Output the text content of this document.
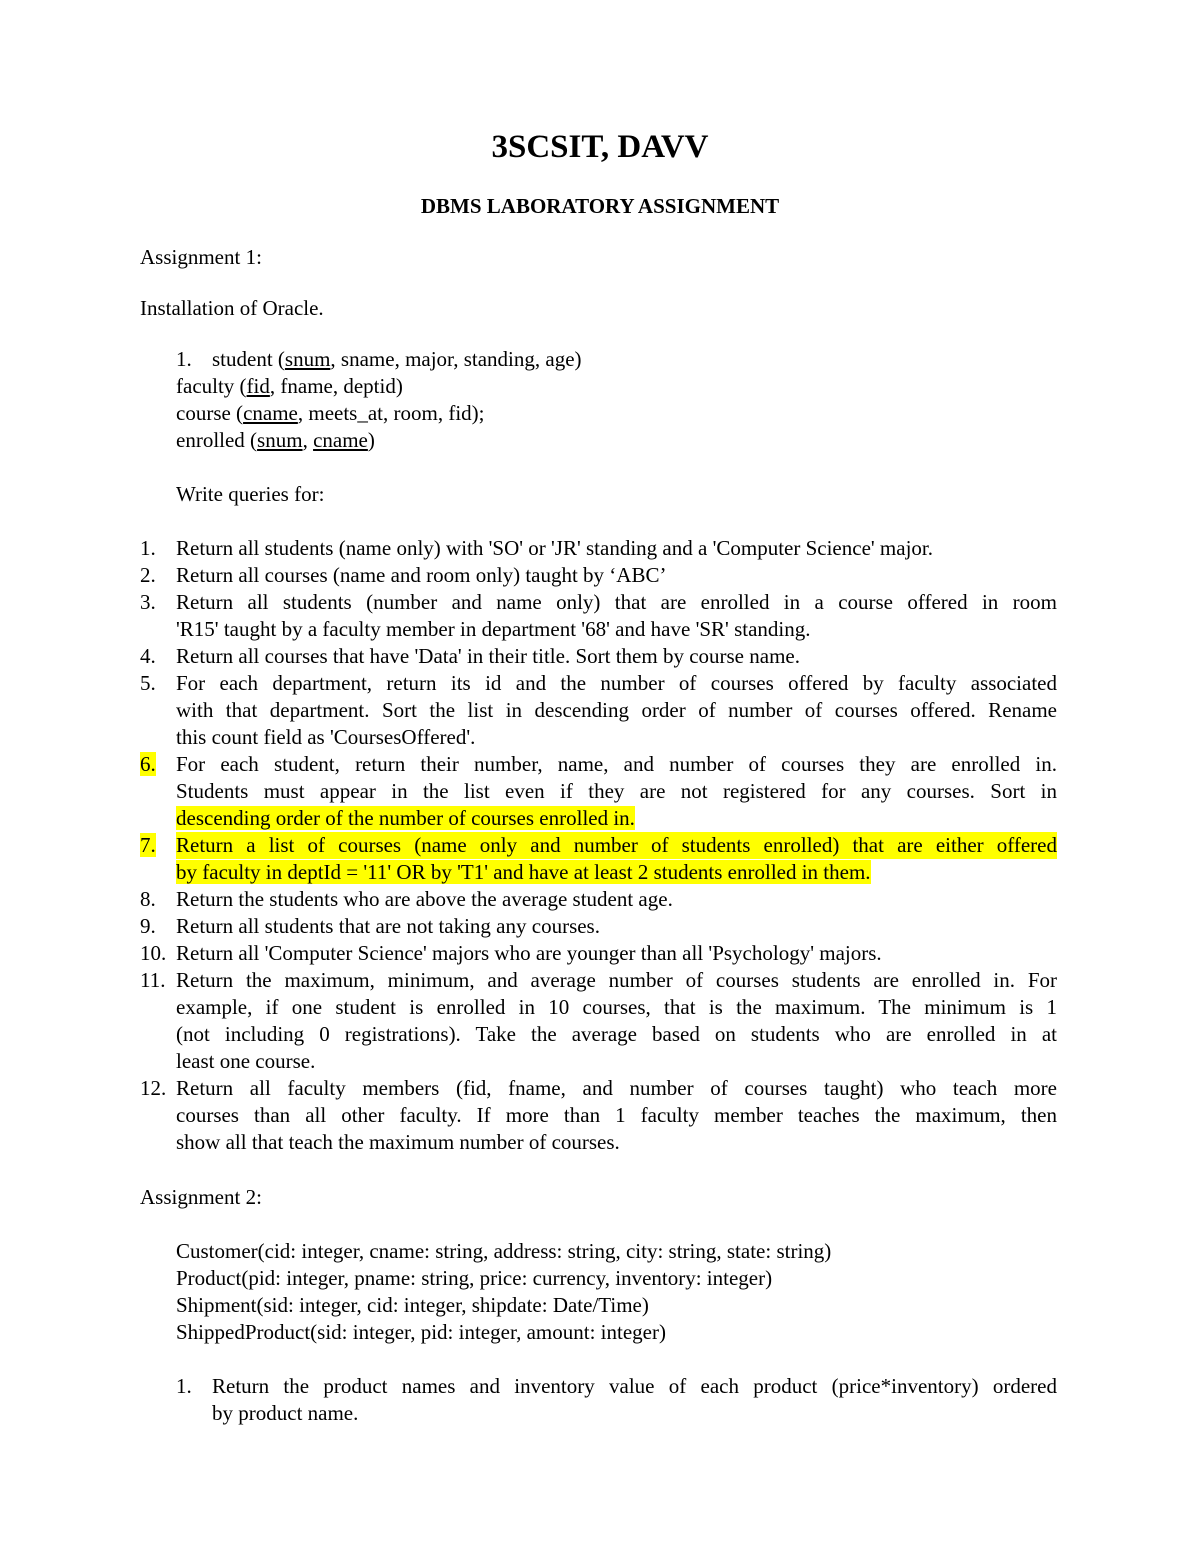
3SCSIT, DAVV
DBMS LABORATORY ASSIGNMENT
Assignment 1:
Installation of Oracle.
1. student (snum, sname, major, standing, age)
faculty (fid, fname, deptid)
course (cname, meets_at, room, fid);
enrolled (snum, cname)
Write queries for:
1. Return all students (name only) with 'SO' or 'JR' standing and a 'Computer Science' major.
2. Return all courses (name and room only) taught by ‘ABC’
3. Return all students (number and name only) that are enrolled in a course offered in room
'R15' taught by a faculty member in department '68' and have 'SR' standing.
4. Return all courses that have 'Data' in their title. Sort them by course name.
5. For each department, return its id and the number of courses offered by faculty associated
with that department. Sort the list in descending order of number of courses offered. Rename
this count field as 'CoursesOffered'.
6. For each student, return their number, name, and number of courses they are enrolled in.
Students must appear in the list even if they are not registered for any courses. Sort in
descending order of the number of courses enrolled in.
7. Return a list of courses (name only and number of students enrolled) that are either offered
by faculty in deptId = '11' OR by 'T1' and have at least 2 students enrolled in them.
8. Return the students who are above the average student age.
9. Return all students that are not taking any courses.
10. Return all 'Computer Science' majors who are younger than all 'Psychology' majors.
11. Return the maximum, minimum, and average number of courses students are enrolled in. For
example, if one student is enrolled in 10 courses, that is the maximum. The minimum is 1
(not including 0 registrations). Take the average based on students who are enrolled in at
least one course.
12. Return all faculty members (fid, fname, and number of courses taught) who teach more
courses than all other faculty. If more than 1 faculty member teaches the maximum, then
show all that teach the maximum number of courses.
Assignment 2:
Customer(cid: integer, cname: string, address: string, city: string, state: string)
Product(pid: integer, pname: string, price: currency, inventory: integer)
Shipment(sid: integer, cid: integer, shipdate: Date/Time)
ShippedProduct(sid: integer, pid: integer, amount: integer)
1. Return the product names and inventory value of each product (price*inventory) ordered
by product name.
